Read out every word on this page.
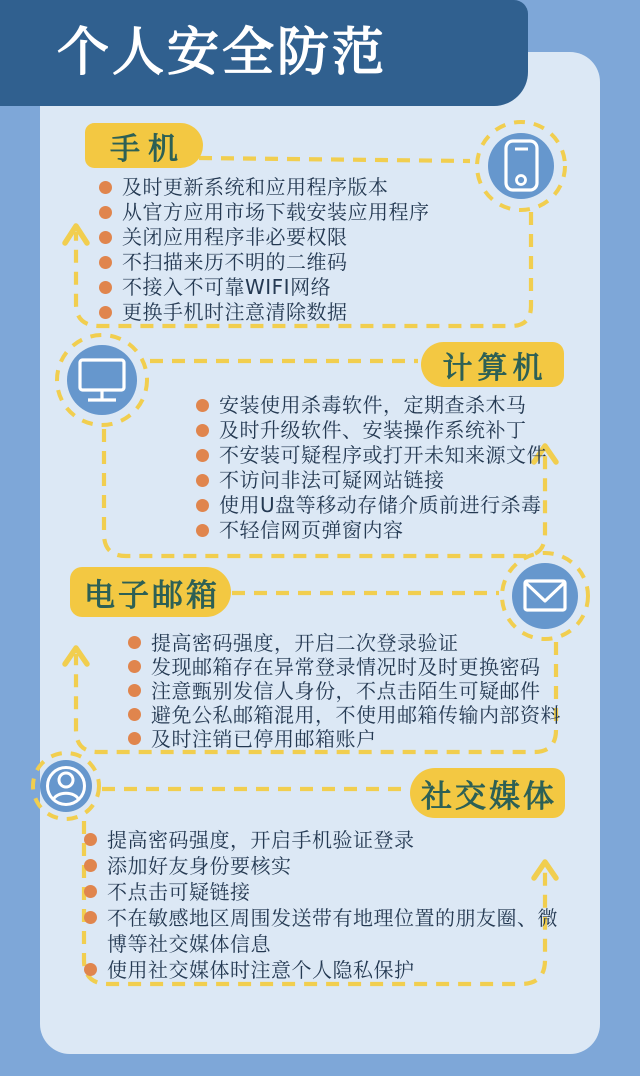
个人安全防范
手机
计算机
电子邮箱
社交媒体
及时更新系统和应用程序版本
从官方应用市场下载安装应用程序
关闭应用程序非必要权限
不扫描来历不明的二维码
不接入不可靠WIFI网络
更换手机时注意清除数据
安装使用杀毒软件，定期查杀木马
及时升级软件、安装操作系统补丁
不安装可疑程序或打开未知来源文件
不访问非法可疑网站链接
使用U盘等移动存储介质前进行杀毒
不轻信网页弹窗内容
提高密码强度，开启二次登录验证
发现邮箱存在异常登录情况时及时更换密码
注意甄别发信人身份，不点击陌生可疑邮件
避免公私邮箱混用，不使用邮箱传输内部资料
及时注销已停用邮箱账户
提高密码强度，开启手机验证登录
添加好友身份要核实
不点击可疑链接
不在敏感地区周围发送带有地理位置的朋友圈、微博等社交媒体信息
使用社交媒体时注意个人隐私保护
